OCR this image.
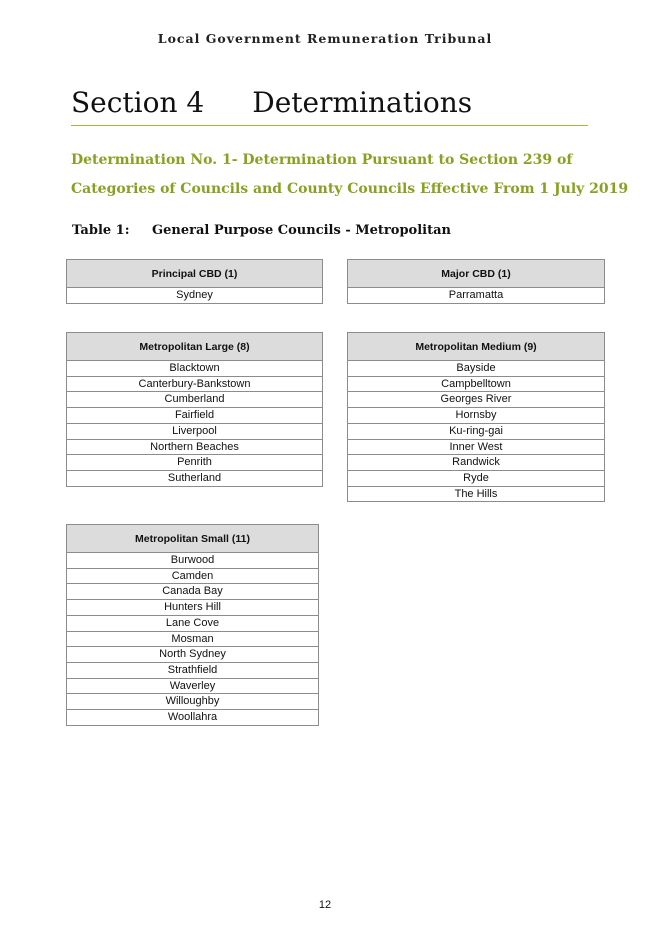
Local Government Remuneration Tribunal
Section 4 Determinations
Determination No. 1- Determination Pursuant to Section 239 of
Categories of Councils and County Councils Effective From 1 July 2019
Table 1: General Purpose Councils - Metropolitan
Principal CBD (1)
Sydney
Major CBD (1)
Parramatta
Metropolitan Large (8)
Blacktown
Canterbury-Bankstown
Cumberland
Fairfield
Liverpool
Northern Beaches
Penrith
Sutherland
Metropolitan Medium (9)
Bayside
Campbelltown
Georges River
Hornsby
Ku-ring-gai
Inner West
Randwick
Ryde
The Hills
Metropolitan Small (11)
Burwood
Camden
Canada Bay
Hunters Hill
Lane Cove
Mosman
North Sydney
Strathfield
Waverley
Willoughby
Woollahra
12
